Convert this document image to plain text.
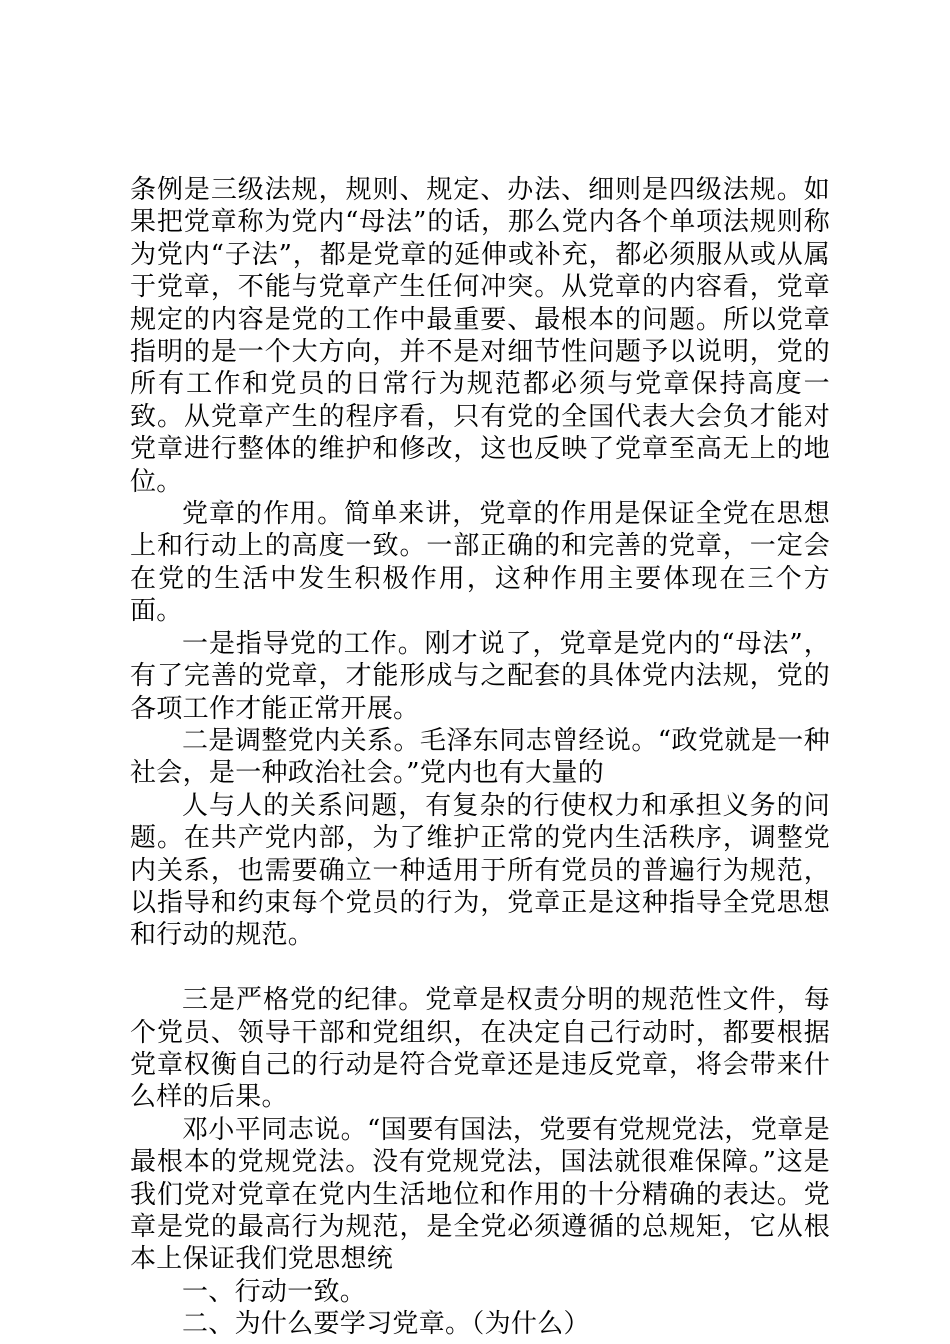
条例是三级法规，规则、规定、办法、细则是四级法规。如果把党章称为党内“母法”的话，那么党内各个单项法规则称为党内“子法”，都是党章的延伸或补充，都必须服从或从属于党章，不能与党章产生任何冲突。从党章的内容看，党章规定的内容是党的工作中最重要、最根本的问题。所以党章指明的是一个大方向，并不是对细节性问题予以说明，党的所有工作和党员的日常行为规范都必须与党章保持高度一致。从党章产生的程序看，只有党的全国代表大会负才能对党章进行整体的维护和修改，这也反映了党章至高无上的地位。

党章的作用。简单来讲，党章的作用是保证全党在思想上和行动上的高度一致。一部正确的和完善的党章，一定会在党的生活中发生积极作用，这种作用主要体现在三个方面。

一是指导党的工作。刚才说了，党章是党内的“母法”，有了完善的党章，才能形成与之配套的具体党内法规，党的各项工作才能正常开展。

二是调整党内关系。毛泽东同志曾经说。“政党就是一种社会，是一种政治社会。”党内也有大量的

人与人的关系问题，有复杂的行使权力和承担义务的问题。在共产党内部，为了维护正常的党内生活秩序，调整党内关系，也需要确立一种适用于所有党员的普遍行为规范，以指导和约束每个党员的行为，党章正是这种指导全党思想和行动的规范。

三是严格党的纪律。党章是权责分明的规范性文件，每个党员、领导干部和党组织，在决定自己行动时，都要根据党章权衡自己的行动是符合党章还是违反党章，将会带来什么样的后果。

邓小平同志说。“国要有国法，党要有党规党法，党章是最根本的党规党法。没有党规党法，国法就很难保障。”这是我们党对党章在党内生活地位和作用的十分精确的表达。党章是党的最高行为规范，是全党必须遵循的总规矩，它从根本上保证我们党思想统

一、行动一致。

二、为什么要学习党章。（为什么）
